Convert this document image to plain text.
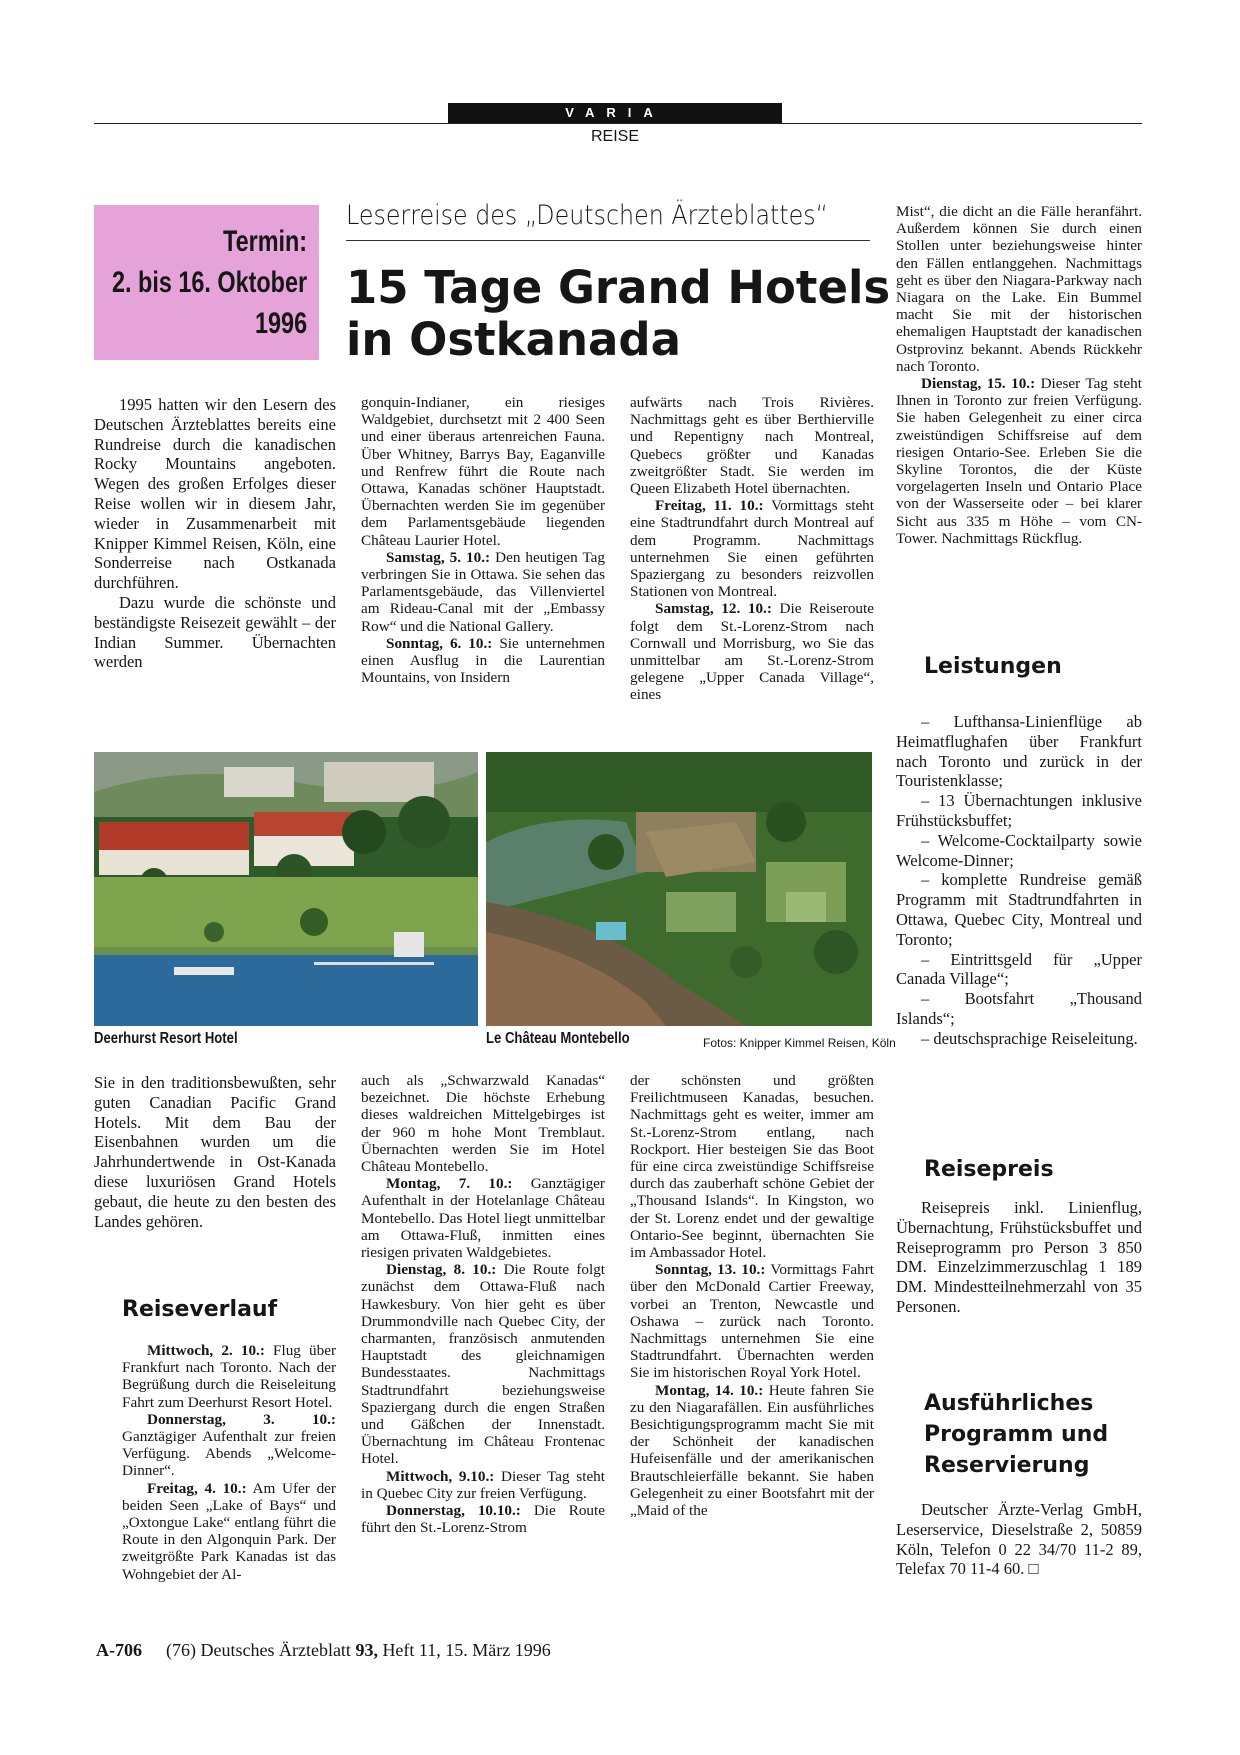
VARIA
REISE
Termin:
2. bis 16. Oktober
1996
Leserreise des „Deutschen Ärzteblattes“
15 Tage Grand Hotels
in Ostkanada

1995 hatten wir den Lesern des Deutschen Ärzteblattes bereits eine Rundreise durch die kanadischen Rocky Mountains angeboten. Wegen des großen Erfolges dieser Reise wollen wir in diesem Jahr, wieder in Zusammenarbeit mit Knipper Kimmel Reisen, Köln, eine Sonderreise nach Ostkanada durchführen.

Dazu wurde die schönste und beständigste Reisezeit gewählt – der Indian Summer. Übernachten werden

gonquin-Indianer, ein riesiges Waldgebiet, durchsetzt mit 2 400 Seen und einer überaus artenreichen Fauna. Über Whitney, Barrys Bay, Eaganville und Renfrew führt die Route nach Ottawa, Kanadas schöner Hauptstadt. Übernachten werden Sie im gegenüber dem Parlamentsgebäude liegenden Château Laurier Hotel.

Samstag, 5. 10.: Den heutigen Tag verbringen Sie in Ottawa. Sie sehen das Parlamentsgebäude, das Villenviertel am Rideau-Canal mit der „Embassy Row“ und die National Gallery.

Sonntag, 6. 10.: Sie unternehmen einen Ausflug in die Laurentian Mountains, von Insidern

aufwärts nach Trois Rivières. Nachmittags geht es über Berthierville und Repentigny nach Montreal, Quebecs größter und Kanadas zweitgrößter Stadt. Sie werden im Queen Elizabeth Hotel übernachten.

Freitag, 11. 10.: Vormittags steht eine Stadtrundfahrt durch Montreal auf dem Programm. Nachmittags unternehmen Sie einen geführten Spaziergang zu besonders reizvollen Stationen von Montreal.

Samstag, 12. 10.: Die Reiseroute folgt dem St.-Lorenz-Strom nach Cornwall und Morrisburg, wo Sie das unmittelbar am St.-Lorenz-Strom gelegene „Upper Canada Village“, eines

Deerhurst Resort Hotel	Le Château Montebello	Fotos: Knipper Kimmel Reisen, Köln

Sie in den traditionsbewußten, sehr guten Canadian Pacific Grand Hotels. Mit dem Bau der Eisenbahnen wurden um die Jahrhundertwende in Ost-Kanada diese luxuriösen Grand Hotels gebaut, die heute zu den besten des Landes gehören.

Reiseverlauf

Mittwoch, 2. 10.: Flug über Frankfurt nach Toronto. Nach der Begrüßung durch die Reiseleitung Fahrt zum Deerhurst Resort Hotel.

Donnerstag, 3. 10.: Ganztägiger Aufenthalt zur freien Verfügung. Abends „Welcome-Dinner“.

Freitag, 4. 10.: Am Ufer der beiden Seen „Lake of Bays“ und „Oxtongue Lake“ entlang führt die Route in den Algonquin Park. Der zweitgrößte Park Kanadas ist das Wohngebiet der Al-

auch als „Schwarzwald Kanadas“ bezeichnet. Die höchste Erhebung dieses waldreichen Mittelgebirges ist der 960 m hohe Mont Tremblaut. Übernachten werden Sie im Hotel Château Montebello.

Montag, 7. 10.: Ganztägiger Aufenthalt in der Hotelanlage Château Montebello. Das Hotel liegt unmittelbar am Ottawa-Fluß, inmitten eines riesigen privaten Waldgebietes.

Dienstag, 8. 10.: Die Route folgt zunächst dem Ottawa-Fluß nach Hawkesbury. Von hier geht es über Drummondville nach Quebec City, der charmanten, französisch anmutenden Hauptstadt des gleichnamigen Bundesstaates. Nachmittags Stadtrundfahrt beziehungsweise Spaziergang durch die engen Straßen und Gäßchen der Innenstadt. Übernachtung im Château Frontenac Hotel.

Mittwoch, 9.10.: Dieser Tag steht in Quebec City zur freien Verfügung.

Donnerstag, 10.10.: Die Route führt den St.-Lorenz-Strom

der schönsten und größten Freilichtmuseen Kanadas, besuchen. Nachmittags geht es weiter, immer am St.-Lorenz-Strom entlang, nach Rockport. Hier besteigen Sie das Boot für eine circa zweistündige Schiffsreise durch das zauberhaft schöne Gebiet der „Thousand Islands“. In Kingston, wo der St. Lorenz endet und der gewaltige Ontario-See beginnt, übernachten Sie im Ambassador Hotel.

Sonntag, 13. 10.: Vormittags Fahrt über den McDonald Cartier Freeway, vorbei an Trenton, Newcastle und Oshawa – zurück nach Toronto. Nachmittags unternehmen Sie eine Stadtrundfahrt. Übernachten werden Sie im historischen Royal York Hotel.

Montag, 14. 10.: Heute fahren Sie zu den Niagarafällen. Ein ausführliches Besichtigungsprogramm macht Sie mit der Schönheit der kanadischen Hufeisenfälle und der amerikanischen Brautschleierfälle bekannt. Sie haben Gelegenheit zu einer Bootsfahrt mit der „Maid of the

Mist“, die dicht an die Fälle heranfährt. Außerdem können Sie durch einen Stollen unter beziehungsweise hinter den Fällen entlanggehen. Nachmittags geht es über den Niagara-Parkway nach Niagara on the Lake. Ein Bummel macht Sie mit der historischen ehemaligen Hauptstadt der kanadischen Ostprovinz bekannt. Abends Rückkehr nach Toronto.

Dienstag, 15. 10.: Dieser Tag steht Ihnen in Toronto zur freien Verfügung. Sie haben Gelegenheit zu einer circa zweistündigen Schiffsreise auf dem riesigen Ontario-See. Erleben Sie die Skyline Torontos, die der Küste vorgelagerten Inseln und Ontario Place von der Wasserseite oder – bei klarer Sicht aus 335 m Höhe – vom CN-Tower. Nachmittags Rückflug.

Leistungen

– Lufthansa-Linienflüge ab Heimatflughafen über Frankfurt nach Toronto und zurück in der Touristenklasse;

– 13 Übernachtungen inklusive Frühstücksbuffet;

– Welcome-Cocktailparty sowie Welcome-Dinner;

– komplette Rundreise gemäß Programm mit Stadtrundfahrten in Ottawa, Quebec City, Montreal und Toronto;

– Eintrittsgeld für „Upper Canada Village“;

– Bootsfahrt „Thousand Islands“;

– deutschsprachige Reiseleitung.

Reisepreis

Reisepreis inkl. Linienflug, Übernachtung, Frühstücksbuffet und Reiseprogramm pro Person 3 850 DM. Einzelzimmerzuschlag 1 189 DM. Mindestteilnehmerzahl von 35 Personen.

Ausführliches
Programm und
Reservierung

Deutscher Ärzte-Verlag GmbH, Leserservice, Dieselstraße 2, 50859 Köln, Telefon 0 22 34/70 11-2 89, Telefax 70 11-4 60. □

A-706 (76) Deutsches Ärzteblatt 93, Heft 11, 15. März 1996
